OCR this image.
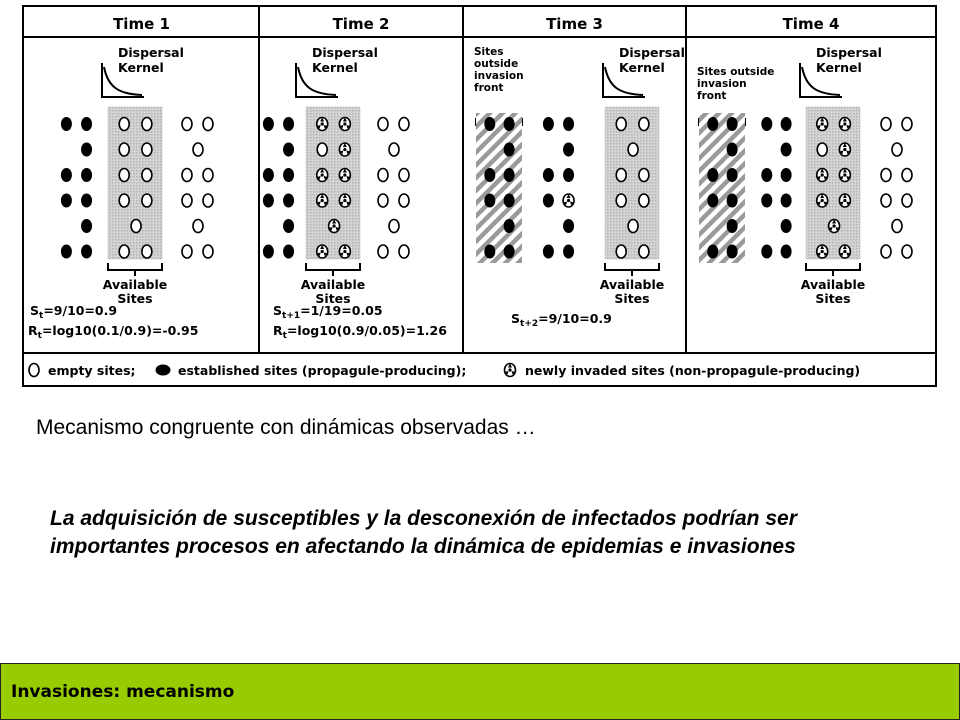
Time 1
Dispersal
Kernel
Available
Sites
$S_t=9/10=0.9$
$R_t=\log 10(0.1/0.9)=-0.95$
Time 2
Dispersal
Kernel
Available
Sites
$S_{t+1}=1/19=0.05$
$R_t=\log 10(0.9/0.05)=1.26$
Time 3
Dispersal
Kernel
Sites
outside
invasion
front
Available
Sites
$S_{t+2}=9/10=0.9$
Time 4
Dispersal
Kernel
Sites outside
invasion
front
Available
Sites
empty sites;	established sites (propagule-producing);	newly invaded sites (non-propagule-producing)
Mecanismo congruente con dinámicas observadas …
La adquisición de susceptibles y la desconexión de infectados podrían ser importantes procesos en afectando la dinámica de epidemias e invasiones
Invasiones: mecanismo
